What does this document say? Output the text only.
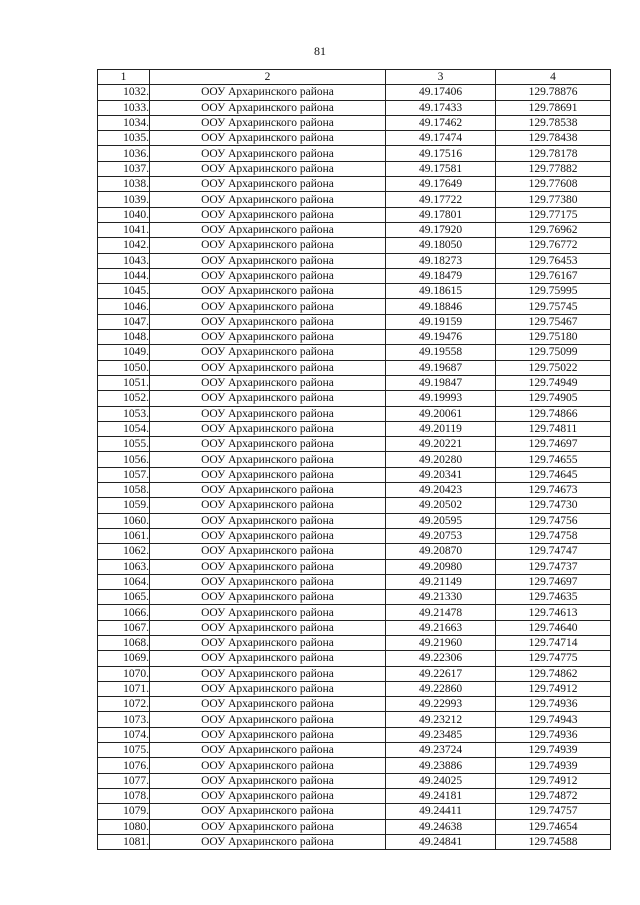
81
1	2	3	4
1032.	ООУ Архаринского района	49.17406	129.78876
1033.	ООУ Архаринского района	49.17433	129.78691
1034.	ООУ Архаринского района	49.17462	129.78538
1035.	ООУ Архаринского района	49.17474	129.78438
1036.	ООУ Архаринского района	49.17516	129.78178
1037.	ООУ Архаринского района	49.17581	129.77882
1038.	ООУ Архаринского района	49.17649	129.77608
1039.	ООУ Архаринского района	49.17722	129.77380
1040.	ООУ Архаринского района	49.17801	129.77175
1041.	ООУ Архаринского района	49.17920	129.76962
1042.	ООУ Архаринского района	49.18050	129.76772
1043.	ООУ Архаринского района	49.18273	129.76453
1044.	ООУ Архаринского района	49.18479	129.76167
1045.	ООУ Архаринского района	49.18615	129.75995
1046.	ООУ Архаринского района	49.18846	129.75745
1047.	ООУ Архаринского района	49.19159	129.75467
1048.	ООУ Архаринского района	49.19476	129.75180
1049.	ООУ Архаринского района	49.19558	129.75099
1050.	ООУ Архаринского района	49.19687	129.75022
1051.	ООУ Архаринского района	49.19847	129.74949
1052.	ООУ Архаринского района	49.19993	129.74905
1053.	ООУ Архаринского района	49.20061	129.74866
1054.	ООУ Архаринского района	49.20119	129.74811
1055.	ООУ Архаринского района	49.20221	129.74697
1056.	ООУ Архаринского района	49.20280	129.74655
1057.	ООУ Архаринского района	49.20341	129.74645
1058.	ООУ Архаринского района	49.20423	129.74673
1059.	ООУ Архаринского района	49.20502	129.74730
1060.	ООУ Архаринского района	49.20595	129.74756
1061.	ООУ Архаринского района	49.20753	129.74758
1062.	ООУ Архаринского района	49.20870	129.74747
1063.	ООУ Архаринского района	49.20980	129.74737
1064.	ООУ Архаринского района	49.21149	129.74697
1065.	ООУ Архаринского района	49.21330	129.74635
1066.	ООУ Архаринского района	49.21478	129.74613
1067.	ООУ Архаринского района	49.21663	129.74640
1068.	ООУ Архаринского района	49.21960	129.74714
1069.	ООУ Архаринского района	49.22306	129.74775
1070.	ООУ Архаринского района	49.22617	129.74862
1071.	ООУ Архаринского района	49.22860	129.74912
1072.	ООУ Архаринского района	49.22993	129.74936
1073.	ООУ Архаринского района	49.23212	129.74943
1074.	ООУ Архаринского района	49.23485	129.74936
1075.	ООУ Архаринского района	49.23724	129.74939
1076.	ООУ Архаринского района	49.23886	129.74939
1077.	ООУ Архаринского района	49.24025	129.74912
1078.	ООУ Архаринского района	49.24181	129.74872
1079.	ООУ Архаринского района	49.24411	129.74757
1080.	ООУ Архаринского района	49.24638	129.74654
1081.	ООУ Архаринского района	49.24841	129.74588
